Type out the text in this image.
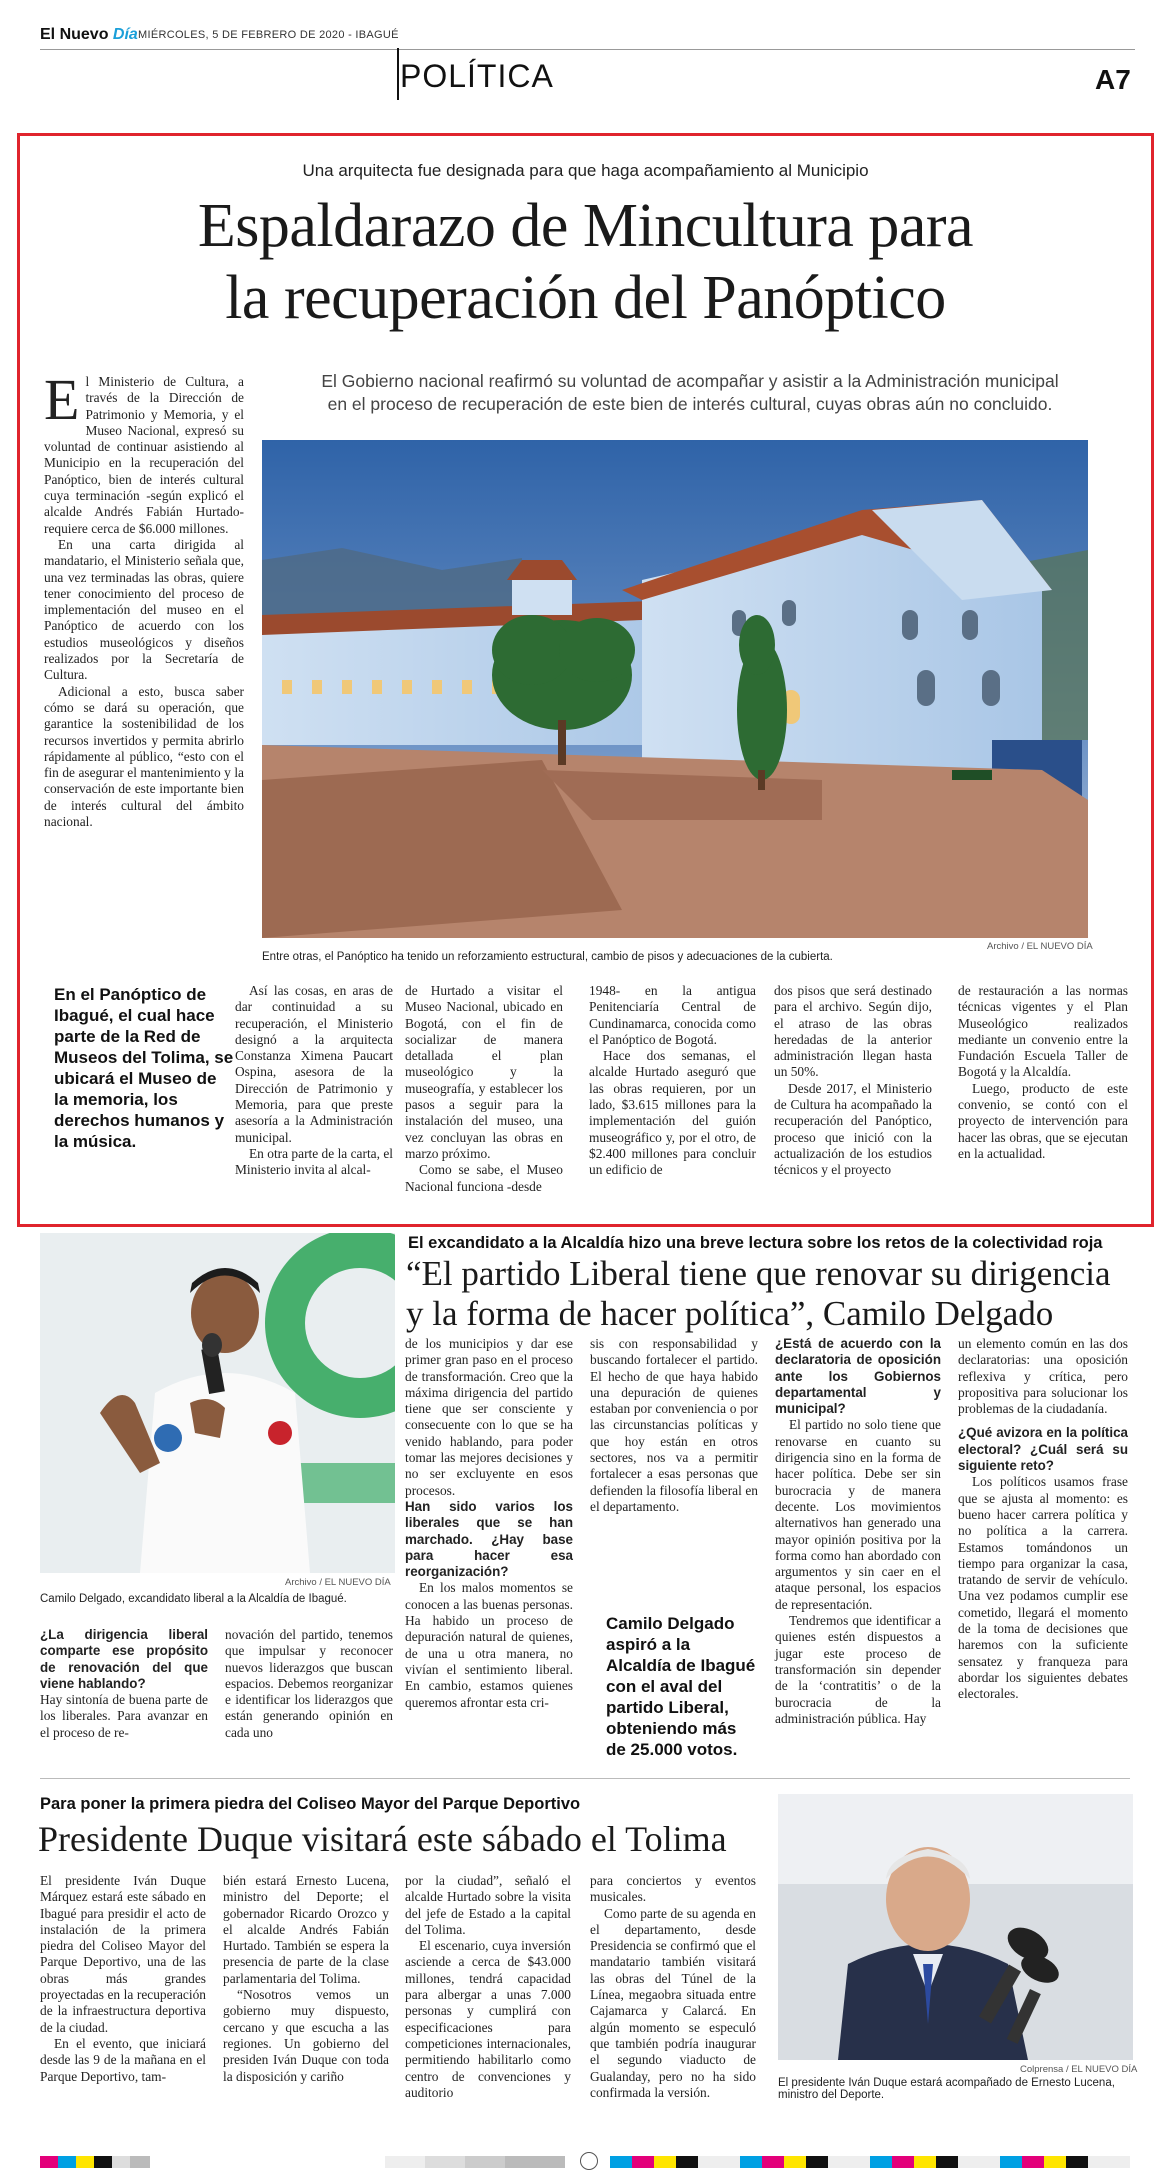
El Nuevo Día MIÉRCOLES, 5 DE FEBRERO DE 2020 - IBAGUÉ
POLÍTICA	A7
Una arquitecta fue designada para que haga acompañamiento al Municipio
Espaldarazo de Mincultura para
la recuperación del Panóptico
El Gobierno nacional reafirmó su voluntad de acompañar y asistir a la Administración municipal
en el proceso de recuperación de este bien de interés cultural, cuyas obras aún no concluido.

El Ministerio de Cultura, a través de la Dirección de Patrimonio y Memoria, y el Museo Nacional, expresó su voluntad de continuar asistiendo al Municipio en la recuperación del Panóptico, bien de interés cultural cuya terminación -según explicó el alcalde Andrés Fabián Hurtado- requiere cerca de $6.000 millones.

En una carta dirigida al mandatario, el Ministerio señala que, una vez terminadas las obras, quiere tener conocimiento del proceso de implementación del museo en el Panóptico de acuerdo con los estudios museológicos y diseños realizados por la Secretaría de Cultura.

Adicional a esto, busca saber cómo se dará su operación, que garantice la sostenibilidad de los recursos invertidos y permita abrirlo rápidamente al público, “esto con el fin de asegurar el mantenimiento y la conservación de este importante bien de interés cultural del ámbito nacional.

Entre otras, el Panóptico ha tenido un reforzamiento estructural, cambio de pisos y adecuaciones de la cubierta.
Archivo / EL NUEVO DÍA
En el Panóptico de Ibagué, el cual hace parte de la Red de Museos del Tolima, se ubicará el Museo de la memoria, los derechos humanos y la música.

Así las cosas, en aras de dar continuidad a su recuperación, el Ministerio designó a la arquitecta Constanza Ximena Paucart Ospina, asesora de la Dirección de Patrimonio y Memoria, para que preste asesoría a la Administración municipal.

En otra parte de la carta, el Ministerio invita al alcal-

de Hurtado a visitar el Museo Nacional, ubicado en Bogotá, con el fin de socializar de manera detallada el plan museológico y la museografía, y establecer los pasos a seguir para la instalación del museo, una vez concluyan las obras en marzo próximo.

Como se sabe, el Museo Nacional funciona -desde

1948- en la antigua Penitenciaría Central de Cundinamarca, conocida como el Panóptico de Bogotá.

Hace dos semanas, el alcalde Hurtado aseguró que las obras requieren, por un lado, $3.615 millones para la implementación del guión museográfico y, por el otro, de $2.400 millones para concluir un edificio de

dos pisos que será destinado para el archivo. Según dijo, el atraso de las obras heredadas de la anterior administración llegan hasta un 50%.

Desde 2017, el Ministerio de Cultura ha acompañado la recuperación del Panóptico, proceso que inició con la actualización de los estudios técnicos y el proyecto

de restauración a las normas técnicas vigentes y el Plan Museológico realizados mediante un convenio entre la Fundación Escuela Taller de Bogotá y la Alcaldía.

Luego, producto de este convenio, se contó con el proyecto de intervención para hacer las obras, que se ejecutan en la actualidad.

Archivo / EL NUEVO DÍA
Camilo Delgado, excandidato liberal a la Alcaldía de Ibagué.
El excandidato a la Alcaldía hizo una breve lectura sobre los retos de la colectividad roja
“El partido Liberal tiene que renovar su dirigencia
y la forma de hacer política”, Camilo Delgado

¿La dirigencia liberal comparte ese propósito de renovación del que viene hablando?

Hay sintonía de buena parte de los liberales. Para avanzar en el proceso de re-

novación del partido, tenemos que impulsar y reconocer nuevos liderazgos que buscan espacios. Debemos reorganizar e identificar los liderazgos que están generando opinión en cada uno

de los municipios y dar ese primer gran paso en el proceso de transformación. Creo que la máxima dirigencia del partido tiene que ser consciente y consecuente con lo que se ha venido hablando, para poder tomar las mejores decisiones y no ser excluyente en esos procesos.

Han sido varios los liberales que se han marchado. ¿Hay base para hacer esa reorganización?

En los malos momentos se conocen a las buenas personas. Ha habido un proceso de depuración natural de quienes, de una u otra manera, no vivían el sentimiento liberal. En cambio, estamos quienes queremos afrontar esta cri-

sis con responsabilidad y buscando fortalecer el partido. El hecho de que haya habido una depuración de quienes estaban por conveniencia o por las circunstancias políticas y que hoy están en otros sectores, nos va a permitir fortalecer a esas personas que defienden la filosofía liberal en el departamento.

Camilo Delgado aspiró a la Alcaldía de Ibagué con el aval del partido Liberal, obteniendo más de 25.000 votos.

¿Está de acuerdo con la declaratoria de oposición ante los Gobiernos departamental y municipal?

El partido no solo tiene que renovarse en cuanto su dirigencia sino en la forma de hacer política. Debe ser sin burocracia y de manera decente. Los movimientos alternativos han generado una mayor opinión positiva por la forma como han abordado con argumentos y sin caer en el ataque personal, los espacios de representación.

Tendremos que identificar a quienes estén dispuestos a jugar este proceso de transformación sin depender de la ‘contratitis’ o de la burocracia de la administración pública. Hay

un elemento común en las dos declaratorias: una oposición reflexiva y crítica, pero propositiva para solucionar los problemas de la ciudadanía.

¿Qué avizora en la política electoral? ¿Cuál será su siguiente reto?

Los políticos usamos frase que se ajusta al momento: es bueno hacer carrera política y no política a la carrera. Estamos tomándonos un tiempo para organizar la casa, tratando de servir de vehículo. Una vez podamos cumplir ese cometido, llegará el momento de la toma de decisiones que haremos con la suficiente sensatez y franqueza para abordar los siguientes debates electorales.

Para poner la primera piedra del Coliseo Mayor del Parque Deportivo
Presidente Duque visitará este sábado el Tolima

El presidente Iván Duque Márquez estará este sábado en Ibagué para presidir el acto de instalación de la primera piedra del Coliseo Mayor del Parque Deportivo, una de las obras más grandes proyectadas en la recuperación de la infraestructura deportiva de la ciudad.

En el evento, que iniciará desde las 9 de la mañana en el Parque Deportivo, tam-

bién estará Ernesto Lucena, ministro del Deporte; el gobernador Ricardo Orozco y el alcalde Andrés Fabián Hurtado. También se espera la presencia de parte de la clase parlamentaria del Tolima.

“Nosotros vemos un gobierno muy dispuesto, cercano y que escucha a las regiones. Un gobierno del presiden Iván Duque con toda la disposición y cariño

por la ciudad”, señaló el alcalde Hurtado sobre la visita del jefe de Estado a la capital del Tolima.

El escenario, cuya inversión asciende a cerca de $43.000 millones, tendrá capacidad para albergar a unas 7.000 personas y cumplirá con especificaciones para competiciones internacionales, permitiendo habilitarlo como centro de convenciones y auditorio

para conciertos y eventos musicales.

Como parte de su agenda en el departamento, desde Presidencia se confirmó que el mandatario también visitará las obras del Túnel de la Línea, megaobra situada entre Cajamarca y Calarcá. En algún momento se especuló que también podría inaugurar el segundo viaducto de Gualanday, pero no ha sido confirmada la versión.

Colprensa / EL NUEVO DÍA
El presidente Iván Duque estará acompañado de Ernesto Lucena, ministro del Deporte.
